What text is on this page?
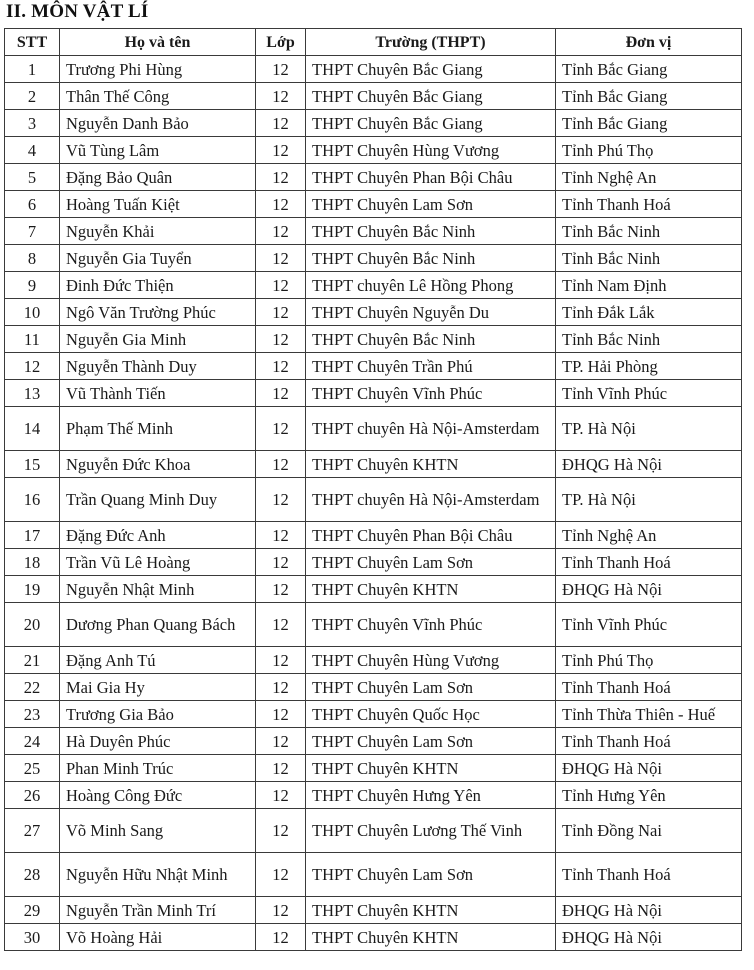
II. MÔN VẬT LÍ
STT	Họ và tên	Lớp	Trường (THPT)	Đơn vị
1	Trương Phi Hùng	12	THPT Chuyên Bắc Giang	Tỉnh Bắc Giang
2	Thân Thế Công	12	THPT Chuyên Bắc Giang	Tỉnh Bắc Giang
3	Nguyễn Danh Bảo	12	THPT Chuyên Bắc Giang	Tỉnh Bắc Giang
4	Vũ Tùng Lâm	12	THPT Chuyên Hùng Vương	Tỉnh Phú Thọ
5	Đặng Bảo Quân	12	THPT Chuyên Phan Bội Châu	Tỉnh Nghệ An
6	Hoàng Tuấn Kiệt	12	THPT Chuyên Lam Sơn	Tỉnh Thanh Hoá
7	Nguyễn Khải	12	THPT Chuyên Bắc Ninh	Tỉnh Bắc Ninh
8	Nguyễn Gia Tuyển	12	THPT Chuyên Bắc Ninh	Tỉnh Bắc Ninh
9	Đinh Đức Thiện	12	THPT chuyên Lê Hồng Phong	Tỉnh Nam Định
10	Ngô Văn Trường Phúc	12	THPT Chuyên Nguyễn Du	Tỉnh Đắk Lắk
11	Nguyễn Gia Minh	12	THPT Chuyên Bắc Ninh	Tỉnh Bắc Ninh
12	Nguyễn Thành Duy	12	THPT Chuyên Trần Phú	TP. Hải Phòng
13	Vũ Thành Tiến	12	THPT Chuyên Vĩnh Phúc	Tỉnh Vĩnh Phúc
14	Phạm Thế Minh	12	THPT chuyên Hà Nội-Amsterdam	TP. Hà Nội
15	Nguyễn Đức Khoa	12	THPT Chuyên KHTN	ĐHQG Hà Nội
16	Trần Quang Minh Duy	12	THPT chuyên Hà Nội-Amsterdam	TP. Hà Nội
17	Đặng Đức Anh	12	THPT Chuyên Phan Bội Châu	Tỉnh Nghệ An
18	Trần Vũ Lê Hoàng	12	THPT Chuyên Lam Sơn	Tỉnh Thanh Hoá
19	Nguyễn Nhật Minh	12	THPT Chuyên KHTN	ĐHQG Hà Nội
20	Dương Phan Quang Bách	12	THPT Chuyên Vĩnh Phúc	Tỉnh Vĩnh Phúc
21	Đặng Anh Tú	12	THPT Chuyên Hùng Vương	Tỉnh Phú Thọ
22	Mai Gia Hy	12	THPT Chuyên Lam Sơn	Tỉnh Thanh Hoá
23	Trương Gia Bảo	12	THPT Chuyên Quốc Học	Tỉnh Thừa Thiên - Huế
24	Hà Duyên Phúc	12	THPT Chuyên Lam Sơn	Tỉnh Thanh Hoá
25	Phan Minh Trúc	12	THPT Chuyên KHTN	ĐHQG Hà Nội
26	Hoàng Công Đức	12	THPT Chuyên Hưng Yên	Tỉnh Hưng Yên
27	Võ Minh Sang	12	THPT Chuyên Lương Thế Vinh	Tỉnh Đồng Nai
28	Nguyễn Hữu Nhật Minh	12	THPT Chuyên Lam Sơn	Tỉnh Thanh Hoá
29	Nguyễn Trần Minh Trí	12	THPT Chuyên KHTN	ĐHQG Hà Nội
30	Võ Hoàng Hải	12	THPT Chuyên KHTN	ĐHQG Hà Nội
